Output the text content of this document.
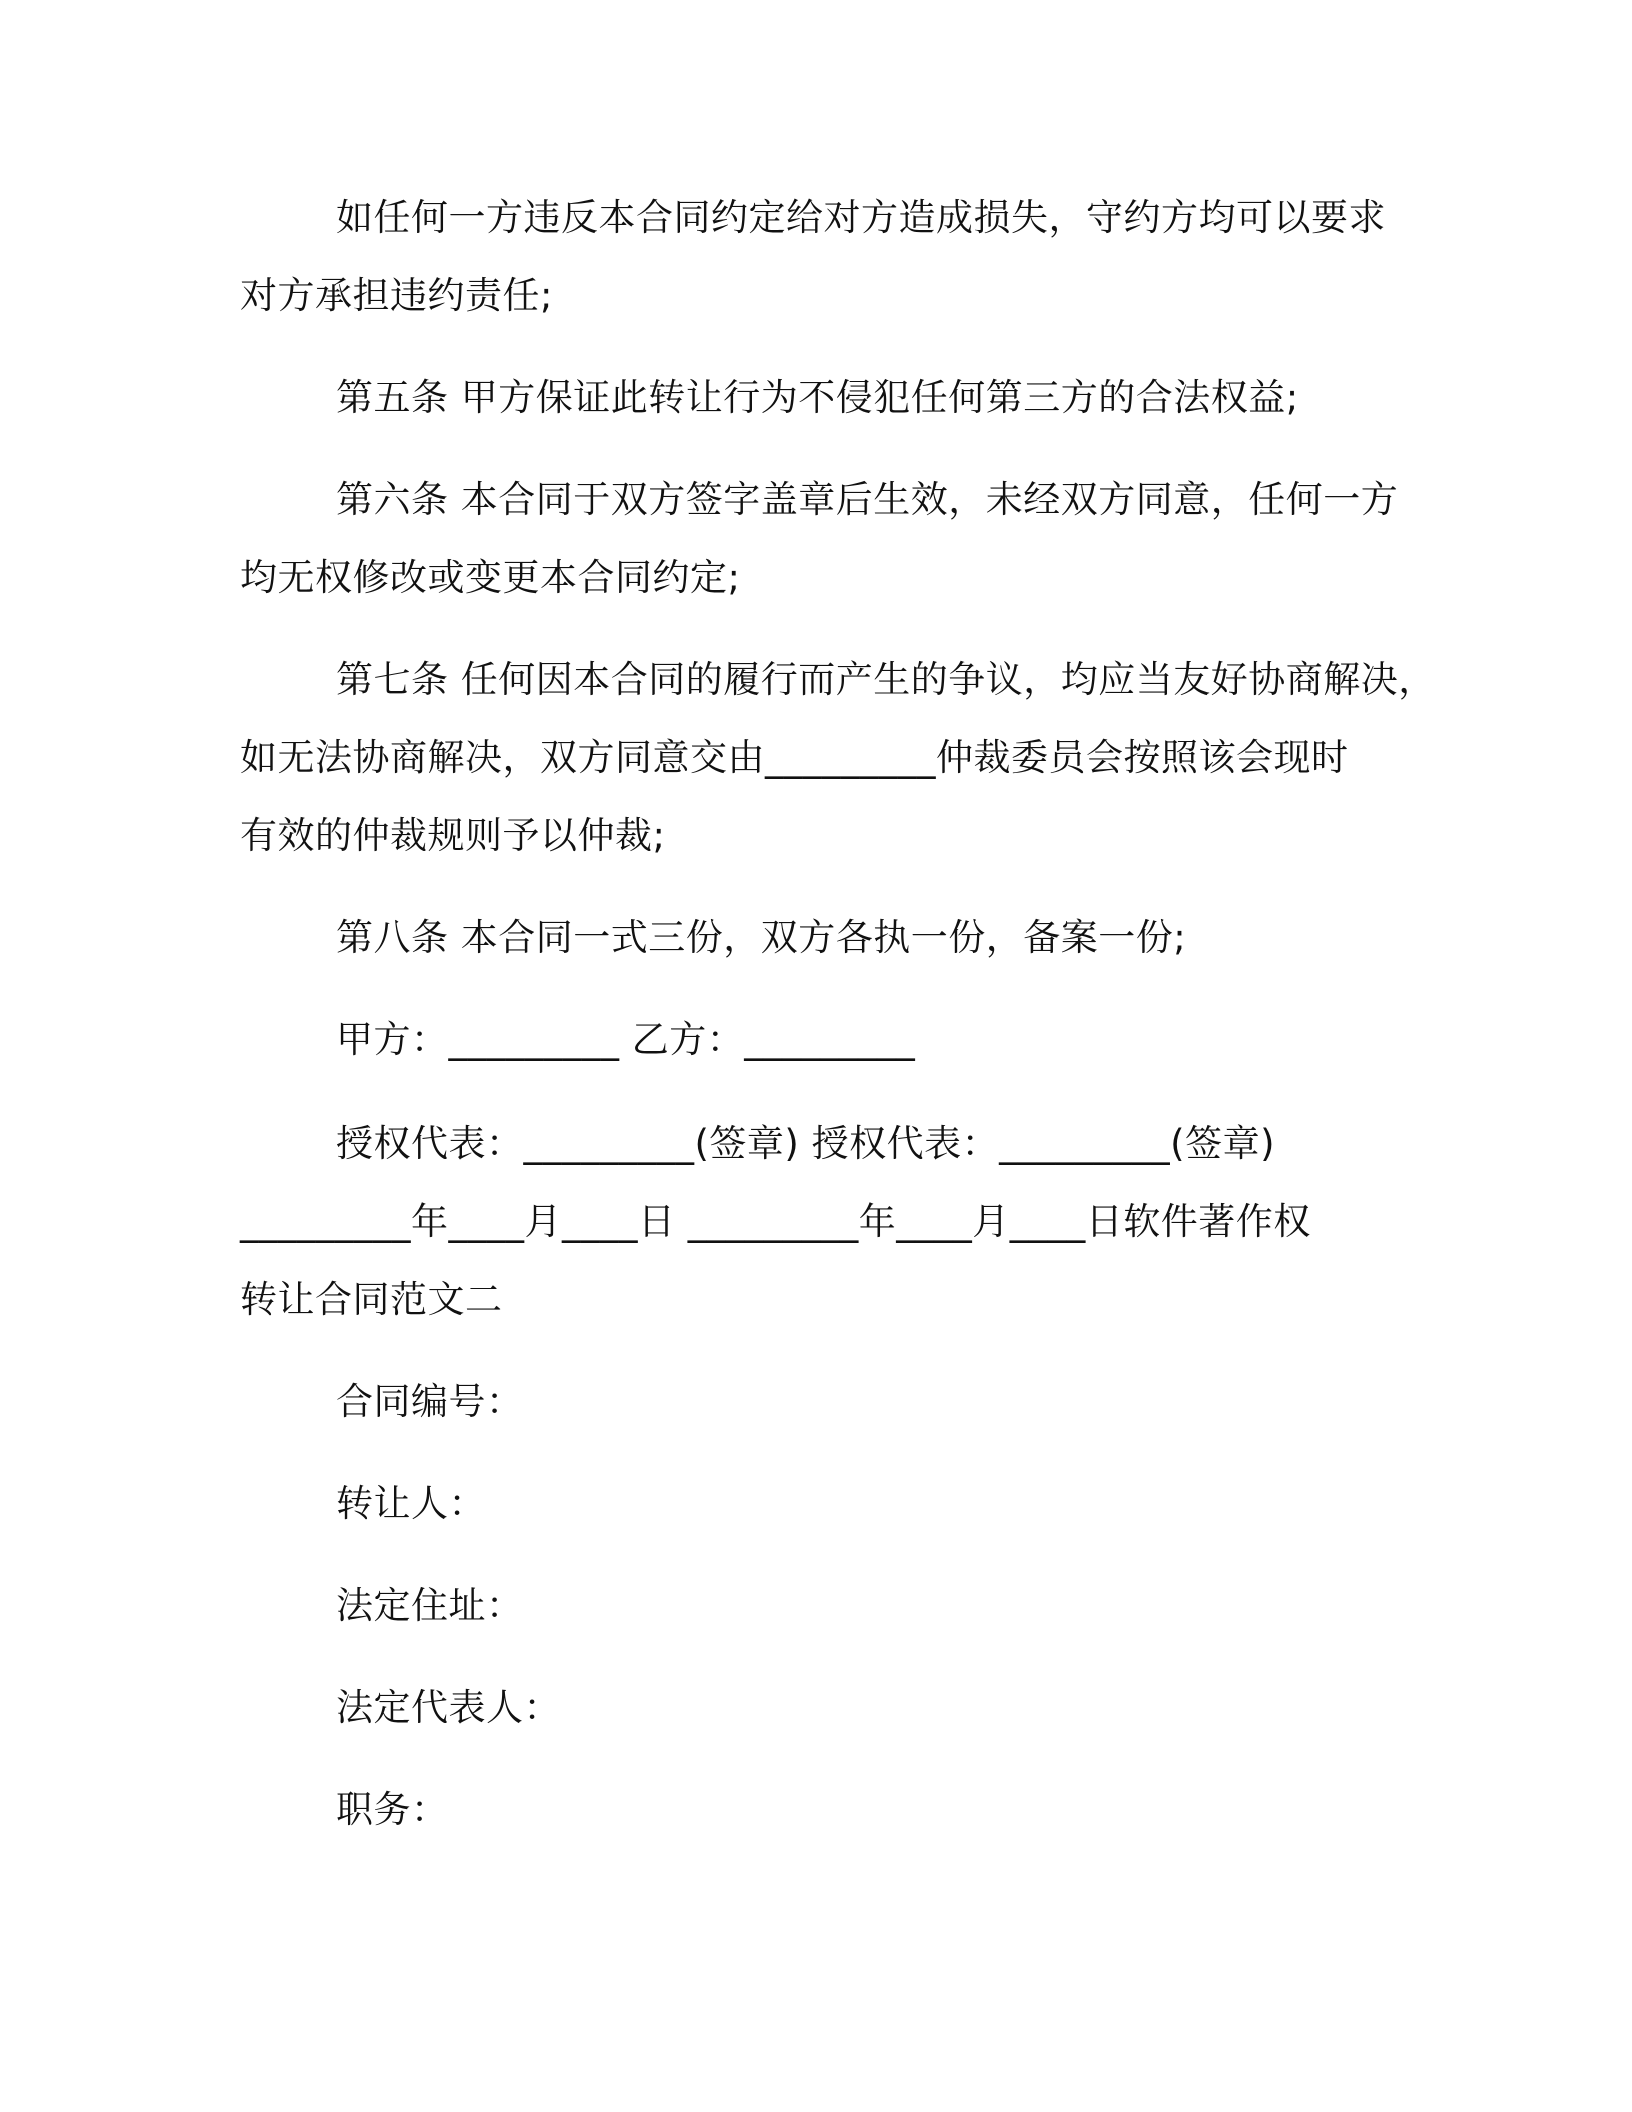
如任何一方违反本合同约定给对方造成损失，守约方均可以要求
对方承担违约责任;
第五条 甲方保证此转让行为不侵犯任何第三方的合法权益;
第六条 本合同于双方签字盖章后生效，未经双方同意，任何一方
均无权修改或变更本合同约定;
第七条 任何因本合同的履行而产生的争议，均应当友好协商解决，
如无法协商解决，双方同意交由_________仲裁委员会按照该会现时
有效的仲裁规则予以仲裁;
第八条 本合同一式三份，双方各执一份，备案一份;
甲方：_________ 乙方：_________
授权代表：_________(签章) 授权代表：_________(签章)
_________年____月____日 _________年____月____日软件著作权
转让合同范文二
合同编号：
转让人：
法定住址：
法定代表人：
职务：
